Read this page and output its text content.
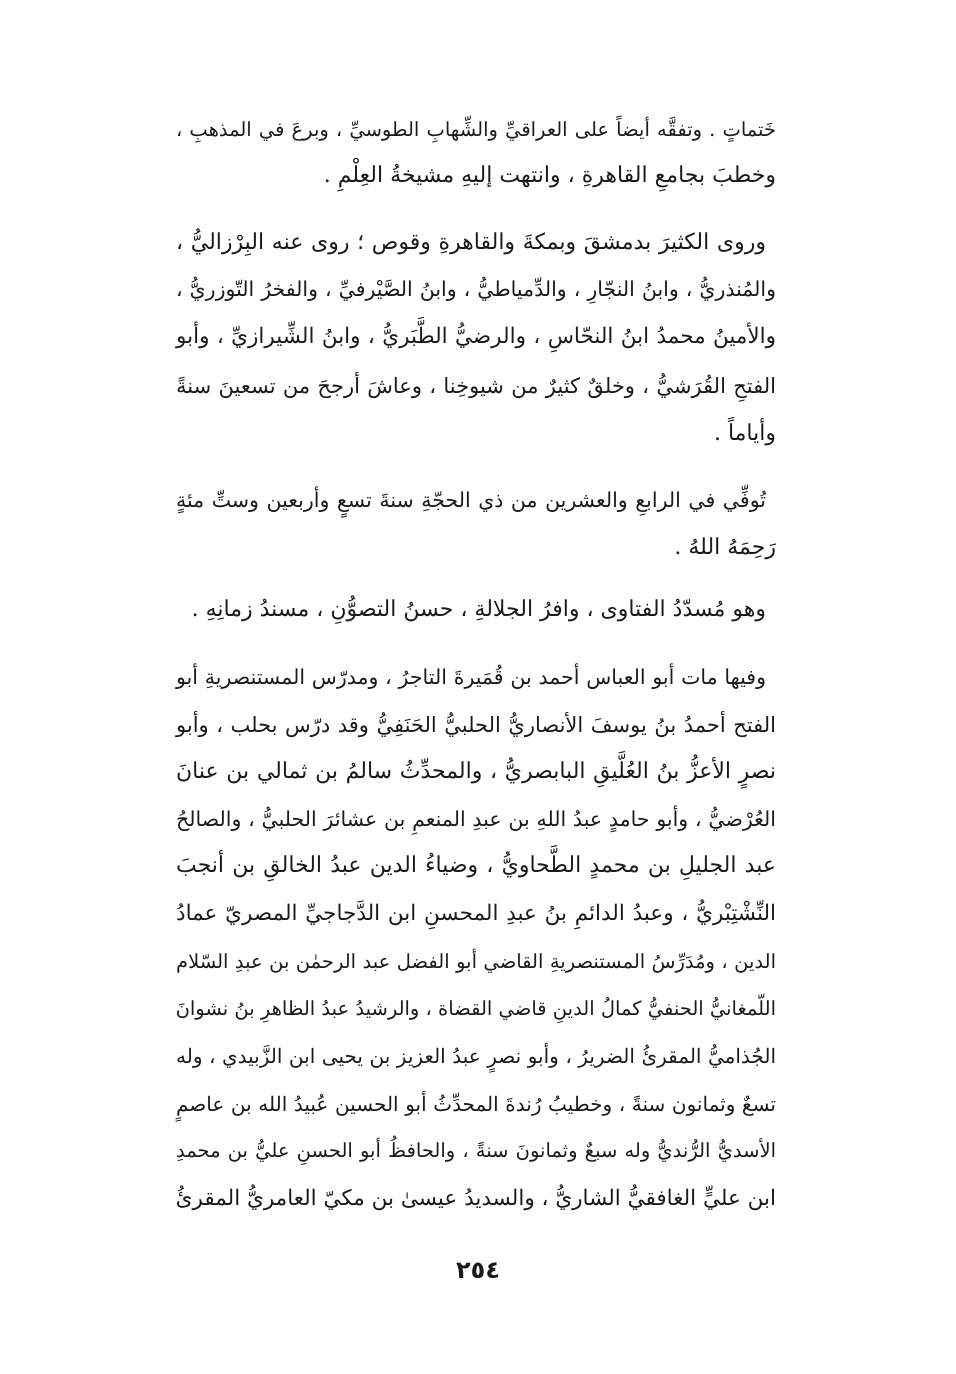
خَتماتٍ . وتفقَّه أيضاً على العراقيِّ والشِّهابِ الطوسيِّ ، وبرعَ في المذهبِ ،
وخطبَ بجامعِ القاهرةِ ، وانتهت إليهِ مشيخةُ العِلْمِ .
وروى الكثيرَ بدمشقَ وبمكةَ والقاهرةِ وقوص ؛ روى عنه البِرْزاليُّ ،
والمُنذريُّ ، وابنُ النجّارِ ، والدِّمياطيُّ ، وابنُ الصَّيْرفيِّ ، والفخرُ التّوزريُّ ،
والأمينُ محمدُ ابنُ النحّاسِ ، والرضيُّ الطَّبَريُّ ، وابنُ الشِّيرازيِّ ، وأبو
الفتحِ القُرَشيُّ ، وخلقٌ كثيرٌ من شيوخِنا ، وعاشَ أرجحَ من تسعينَ سنةً
وأياماً .
تُوفِّي في الرابعِ والعشرين من ذي الحجّةِ سنةَ تسعٍ وأربعين وستِّ مئةٍ
رَحِمَهُ اللهُ .
وهو مُسدّدُ الفتاوى ، وافرُ الجلالةِ ، حسنُ التصوُّنِ ، مسندُ زمانِهِ .
وفيها مات أبو العباس أحمد بن قُمَيرةَ التاجرُ ، ومدرّس المستنصريةِ أبو
الفتح أحمدُ بنُ يوسفَ الأنصاريُّ الحلبيُّ الحَنَفِيُّ وقد درّس بحلب ، وأبو
نصرٍ الأعزُّ بنُ العُلَّيقِ البابصريُّ ، والمحدِّثُ سالمُ بن ثمالي بن عنانَ
العُرْضيُّ ، وأبو حامدٍ عبدُ اللهِ بن عبدِ المنعمِ بن عشائرَ الحلبيُّ ، والصالحُ
عبد الجليلِ بن محمدٍ الطَّحاويُّ ، وضياءُ الدين عبدُ الخالقِ بن أنجبَ
النِّشْتِبْريُّ ، وعبدُ الدائمِ بنُ عبدِ المحسنِ ابن الدَّجاجيِّ المصريّ عمادُ
الدين ، ومُدَرِّسُ المستنصريةِ القاضي أبو الفضل عبد الرحمٰن بن عبدِ السّلام
اللّمغانيُّ الحنفيُّ كمالُ الدينِ قاضي القضاة ، والرشيدُ عبدُ الظاهرِ بنُ نشوانَ
الجُذاميُّ المقرئُ الضريرُ ، وأبو نصرٍ عبدُ العزيز بن يحيى ابن الزَّبيدي ، وله
تسعٌ وثمانون سنةً ، وخطيبُ رُندةَ المحدِّثُ أبو الحسين عُبيدُ الله بن عاصمٍ
الأسديُّ الرُّنديُّ وله سبعٌ وثمانونَ سنةً ، والحافظُ أبو الحسنِ عليُّ بن محمدِ
ابن عليٍّ الغافقيُّ الشاريُّ ، والسديدُ عيسىٰ بن مكيّ العامريُّ المقرئُ
٢٥٤
